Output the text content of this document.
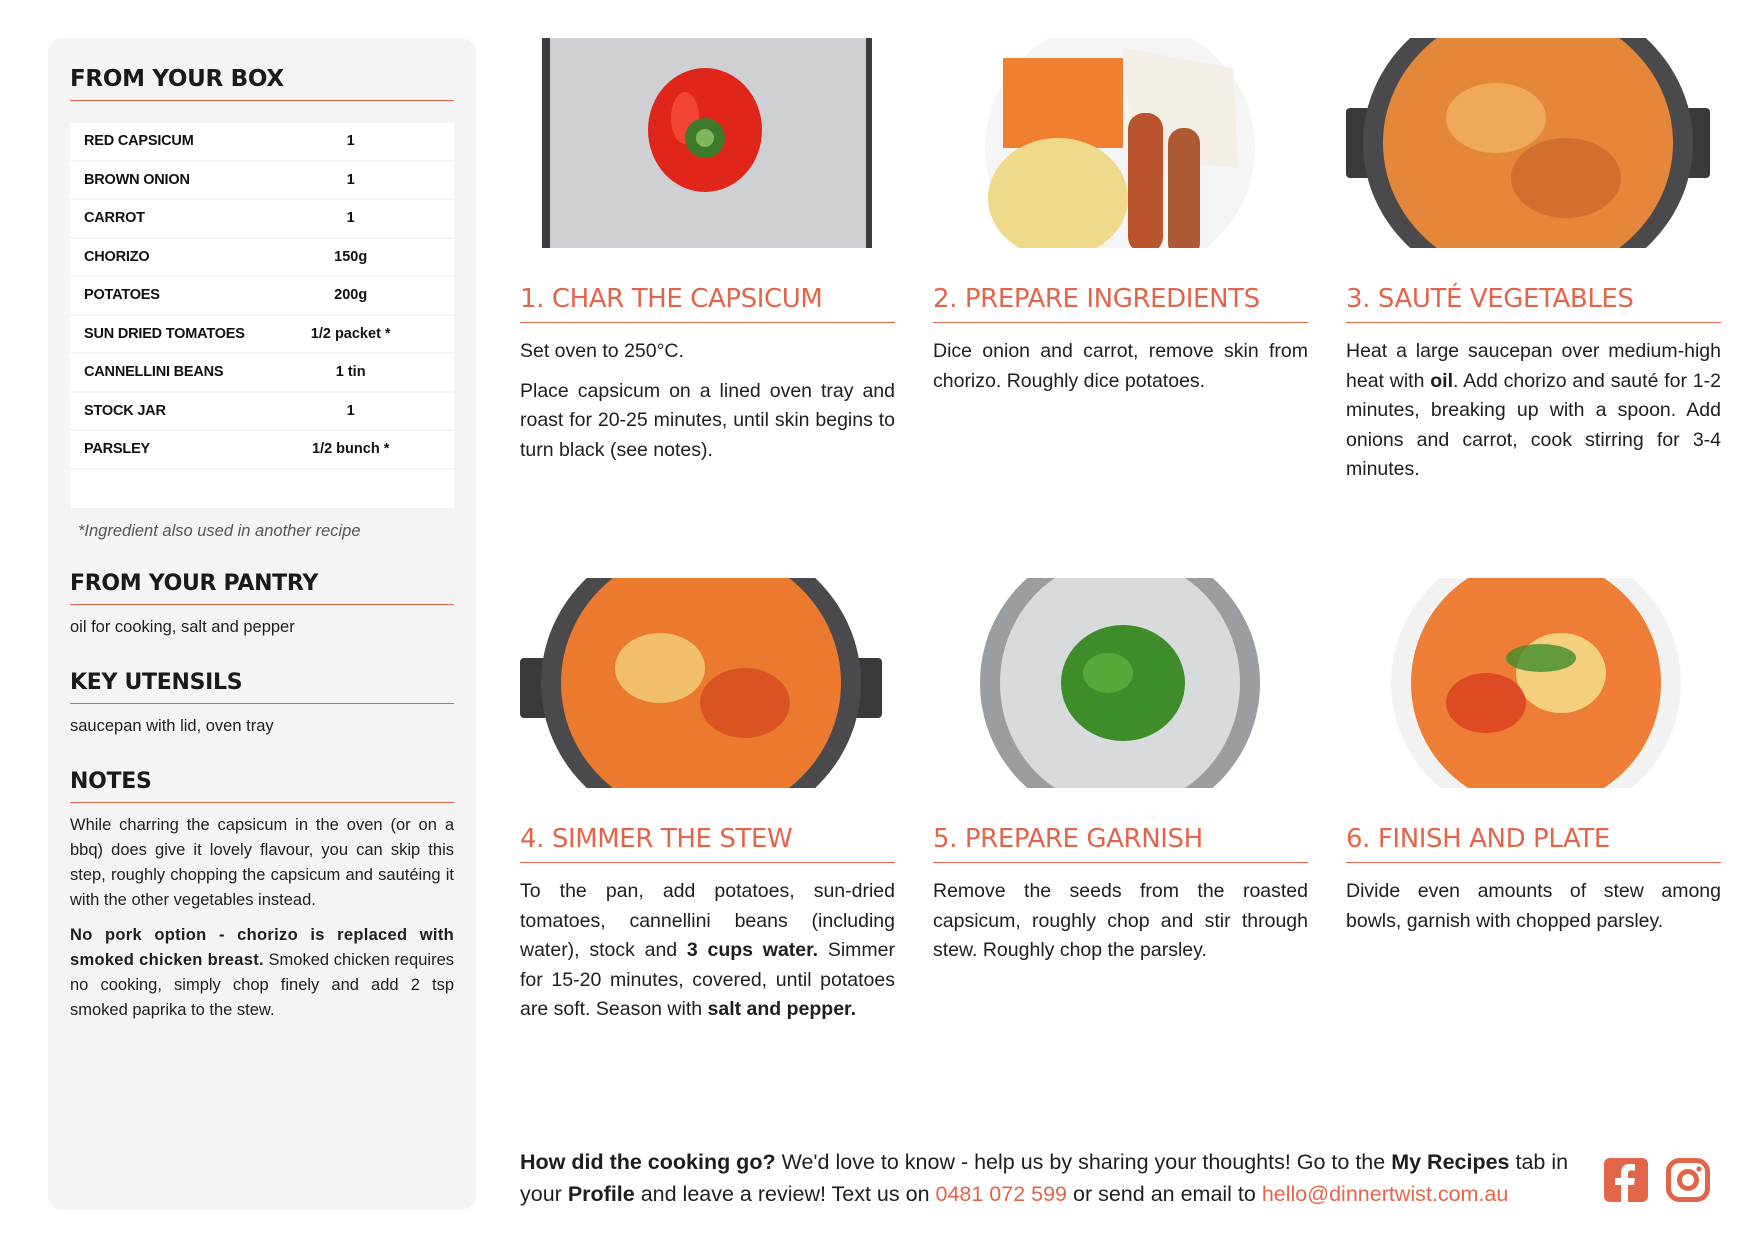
FROM YOUR BOX
RED CAPSICUM	1
BROWN ONION	1
CARROT	1
CHORIZO	150g
POTATOES	200g
SUN DRIED TOMATOES	1/2 packet *
CANNELLINI BEANS	1 tin
STOCK JAR	1
PARSLEY	1/2 bunch *

*Ingredient also used in another recipe
FROM YOUR PANTRY
oil for cooking, salt and pepper
KEY UTENSILS
saucepan with lid, oven tray
NOTES
While charring the capsicum in the oven (or on a bbq) does give it lovely flavour, you can skip this step, roughly chopping the capsicum and sautéing it with the other vegetables instead.
No pork option - chorizo is replaced with smoked chicken breast. Smoked chicken requires no cooking, simply chop finely and add 2 tsp smoked paprika to the stew.
1. CHAR THE CAPSICUM

Set oven to 250°C.

Place capsicum on a lined oven tray and roast for 20-25 minutes, until skin begins to turn black (see notes).

2. PREPARE INGREDIENTS

Dice onion and carrot, remove skin from chorizo. Roughly dice potatoes.

3. SAUTÉ VEGETABLES

Heat a large saucepan over medium-high heat with oil. Add chorizo and sauté for 1-2 minutes, breaking up with a spoon. Add onions and carrot, cook stirring for 3-4 minutes.

4. SIMMER THE STEW

To the pan, add potatoes, sun-dried tomatoes, cannellini beans (including water), stock and 3 cups water. Simmer for 15-20 minutes, covered, until potatoes are soft. Season with salt and pepper.

5. PREPARE GARNISH

Remove the seeds from the roasted capsicum, roughly chop and stir through stew. Roughly chop the parsley.

6. FINISH AND PLATE

Divide even amounts of stew among bowls, garnish with chopped parsley.

How did the cooking go? We'd love to know - help us by sharing your thoughts! Go to the My Recipes tab in your Profile and leave a review! Text us on 0481 072 599 or send an email to hello@dinnertwist.com.au
